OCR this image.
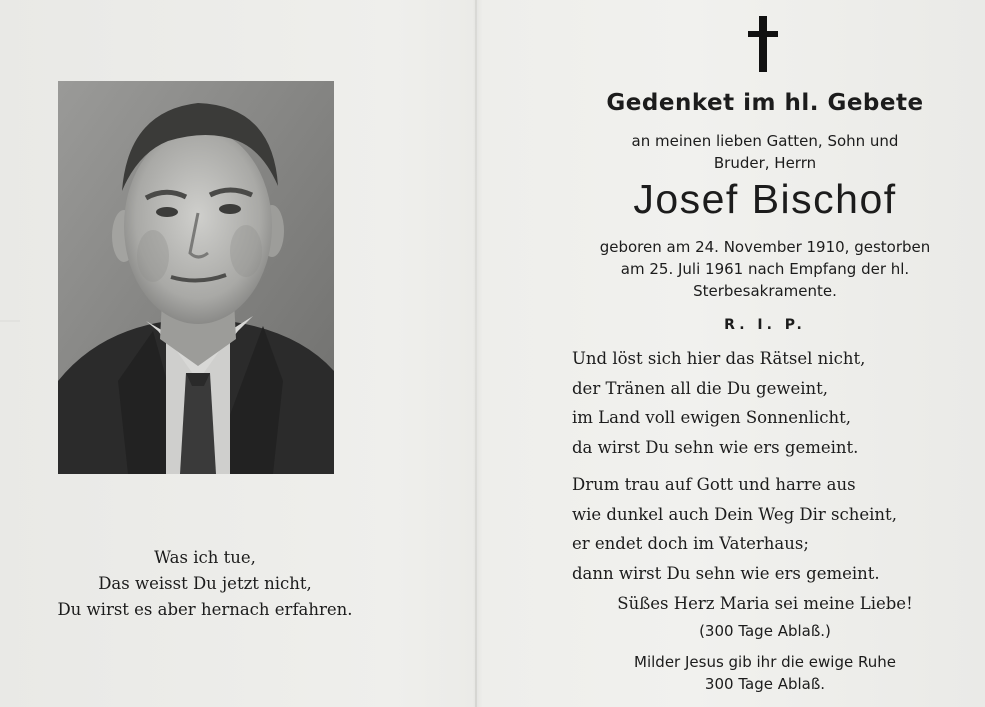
Was ich tue,
Das weisst Du jetzt nicht,
Du wirst es aber hernach erfahren.
Gedenket im hl. Gebete
an meinen lieben Gatten, Sohn und
Bruder, Herrn
Josef Bischof
geboren am 24. November 1910, gestorben
am 25. Juli 1961 nach Empfang der hl.
Sterbesakramente.
R. I. P.
Und löst sich hier das Rätsel nicht,
der Tränen all die Du geweint,
im Land voll ewigen Sonnenlicht,
da wirst Du sehn wie ers gemeint.
Drum trau auf Gott und harre aus
wie dunkel auch Dein Weg Dir scheint,
er endet doch im Vaterhaus;
dann wirst Du sehn wie ers gemeint.
Süßes Herz Maria sei meine Liebe!
(300 Tage Ablaß.)
Milder Jesus gib ihr die ewige Ruhe
300 Tage Ablaß.
